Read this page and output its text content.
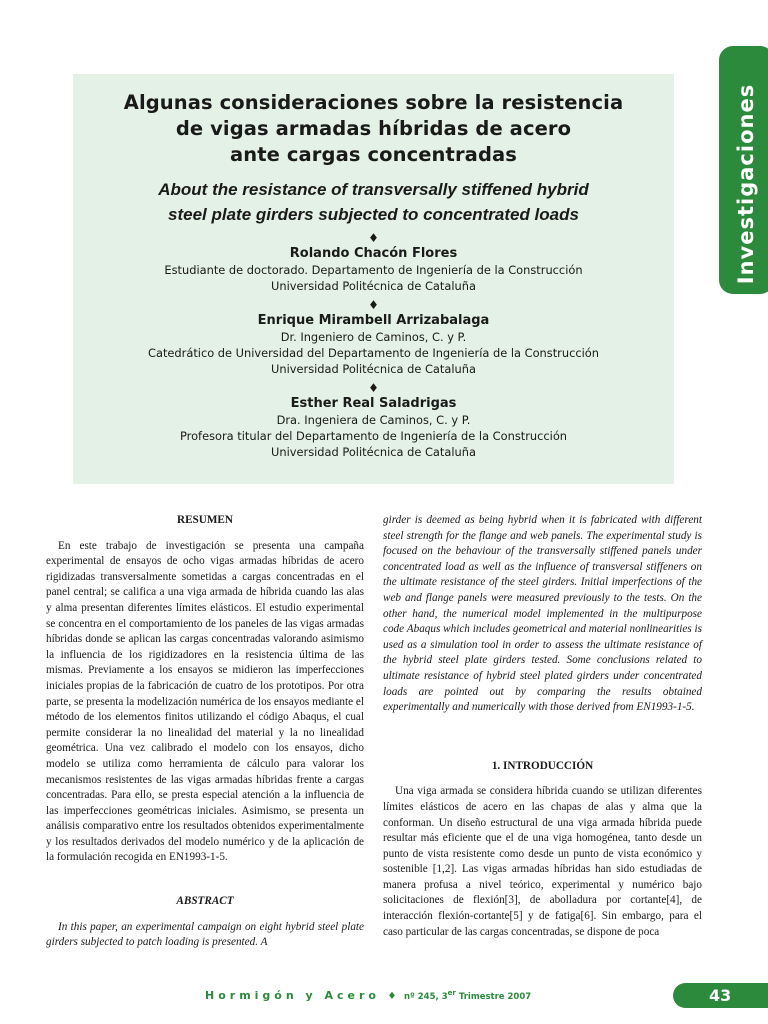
Investigaciones
Algunas consideraciones sobre la resistencia
de vigas armadas híbridas de acero
ante cargas concentradas
About the resistance of transversally stiffened hybrid
steel plate girders subjected to concentrated loads
♦
Rolando Chacón Flores
Estudiante de doctorado. Departamento de Ingeniería de la Construcción
Universidad Politécnica de Cataluña
♦
Enrique Mirambell Arrizabalaga
Dr. Ingeniero de Caminos, C. y P.
Catedrático de Universidad del Departamento de Ingeniería de la Construcción
Universidad Politécnica de Cataluña
♦
Esther Real Saladrigas
Dra. Ingeniera de Caminos, C. y P.
Profesora titular del Departamento de Ingeniería de la Construcción
Universidad Politécnica de Cataluña
RESUMEN

En este trabajo de investigación se presenta una campaña experimental de ensayos de ocho vigas armadas híbridas de acero rigidizadas transversalmente sometidas a cargas concentradas en el panel central; se califica a una viga armada de híbrida cuando las alas y alma presentan diferentes límites elásticos. El estudio experimental se concentra en el comportamiento de los paneles de las vigas armadas híbridas donde se aplican las cargas concentradas valorando asimismo la influencia de los rigidizadores en la resistencia última de las mismas. Previamente a los ensayos se midieron las imperfecciones iniciales propias de la fabricación de cuatro de los prototipos. Por otra parte, se presenta la modelización numérica de los ensayos mediante el método de los elementos finitos utilizando el código Abaqus, el cual permite considerar la no linealidad del material y la no linealidad geométrica. Una vez calibrado el modelo con los ensayos, dicho modelo se utiliza como herramienta de cálculo para valorar los mecanismos resistentes de las vigas armadas híbridas frente a cargas concentradas. Para ello, se presta especial atención a la influencia de las imperfecciones geométricas iniciales. Asimismo, se presenta un análisis comparativo entre los resultados obtenidos experimentalmente y los resultados derivados del modelo numérico y de la aplicación de la formulación recogida en EN1993-1-5.

ABSTRACT

In this paper, an experimental campaign on eight hybrid steel plate girders subjected to patch loading is presented. A

girder is deemed as being hybrid when it is fabricated with different steel strength for the flange and web panels. The experimental study is focused on the behaviour of the transversally stiffened panels under concentrated load as well as the influence of transversal stiffeners on the ultimate resistance of the steel girders. Initial imperfections of the web and flange panels were measured previously to the tests. On the other hand, the numerical model implemented in the multipurpose code Abaqus which includes geometrical and material nonlinearities is used as a simulation tool in order to assess the ultimate resistance of the hybrid steel plate girders tested. Some conclusions related to ultimate resistance of hybrid steel plated girders under concentrated loads are pointed out by comparing the results obtained experimentally and numerically with those derived from EN1993-1-5.

1. INTRODUCCIÓN

Una viga armada se considera híbrida cuando se utilizan diferentes límites elásticos de acero en las chapas de alas y alma que la conforman. Un diseño estructural de una viga armada híbrida puede resultar más eficiente que el de una viga homogénea, tanto desde un punto de vista resistente como desde un punto de vista económico y sostenible [1,2]. Las vigas armadas híbridas han sido estudiadas de manera profusa a nivel teórico, experimental y numérico bajo solicitaciones de flexión[3], de abolladura por cortante[4], de interacción flexión-cortante[5] y de fatiga[6]. Sin embargo, para el caso particular de las cargas concentradas, se dispone de poca

Hormigón y Acero ♦ nº 245, 3er Trimestre 2007	43
